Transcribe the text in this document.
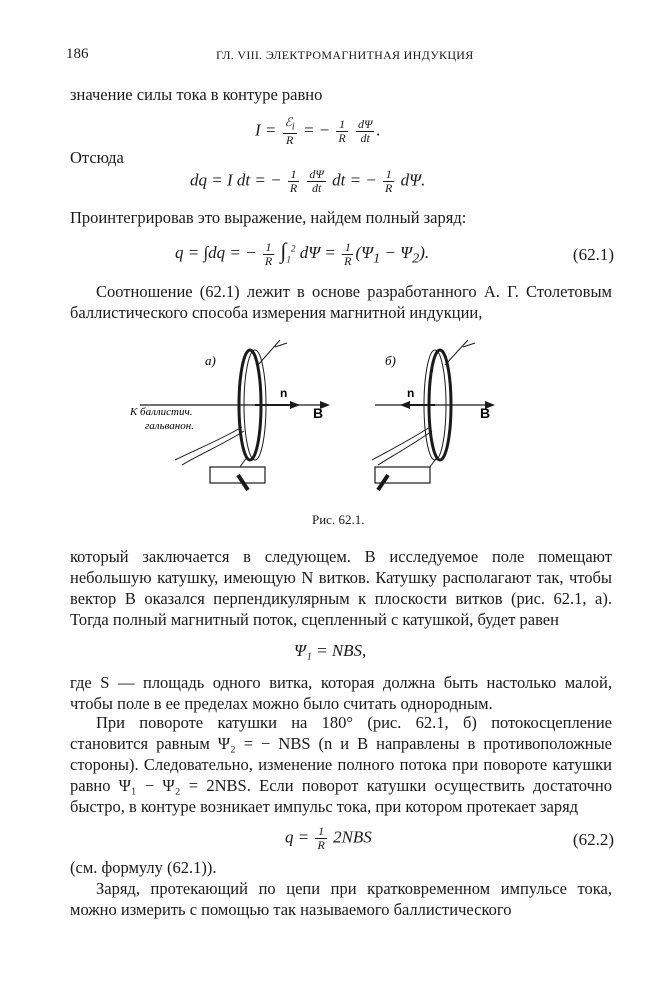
186	ГЛ. VIII. ЭЛЕКТРОМАГНИТНАЯ ИНДУКЦИЯ
значение силы тока в контуре равно
$I = \frac{ℰ_i}{R}$ = − $\frac{1}{R}$
$\frac{d\Psi}{dt}$ .
Отсюда
dq = I dt = − $\frac{1}{R}$
$\frac{d\Psi}{dt}$ dt = − $\frac{1}{R} d\Psi$.
Проинтегрировав это выражение, найдем полный заряд:
q = ∫dq = − $\frac{1}{R} \int_1^2$ $d\Psi = \frac{1}{R} (\Psi_1 - \Psi_2)$.	(62.1)
Соотношение (62.1) лежит в основе разработанного А. Г. Столетовым баллистического способа измерения магнитной индукции,
а)
n
B
К баллистич.
гальванон.
б)
n
B
Рис. 62.1.
который заключается в следующем. В исследуемое поле помещают небольшую катушку, имеющую N витков. Катушку располагают так, чтобы вектор B оказался перпендикулярным к плоскости витков (рис. 62.1, а). Тогда полный магнитный поток, сцепленный с катушкой, будет равен
Ψ₁ = NBS,
где S — площадь одного витка, которая должна быть настолько малой, чтобы поле в ее пределах можно было считать однородным.
При повороте катушки на 180° (рис. 62.1, б) потокосцепление становится равным Ψ₂ = − NBS (n и B направлены в противоположные стороны). Следовательно, изменение полного потока при повороте катушки равно Ψ₁ − Ψ₂ = 2NBS. Если поворот катушки осуществить достаточно быстро, в контуре возникает импульс тока, при котором протекает заряд
$q = \frac{1}{R} 2NBS$	(62.2)
(см. формулу (62.1)).
Заряд, протекающий по цепи при кратковременном импульсе тока, можно измерить с помощью так называемого баллистического
